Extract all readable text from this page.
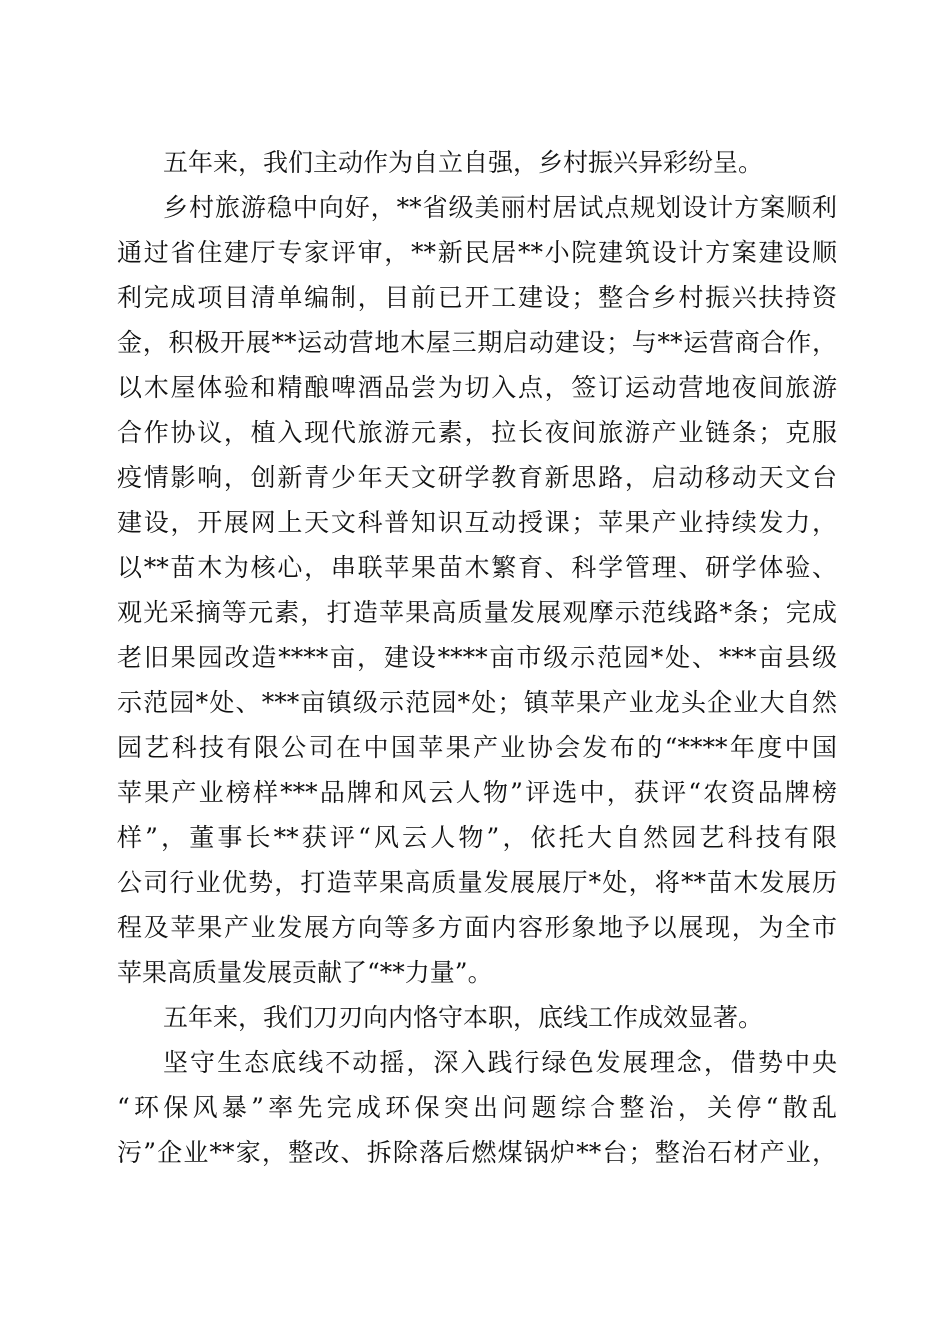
五年来，我们主动作为自立自强，乡村振兴异彩纷呈。
乡村旅游稳中向好，**省级美丽村居试点规划设计方案顺利
通过省住建厅专家评审，**新民居**小院建筑设计方案建设顺
利完成项目清单编制，目前已开工建设；整合乡村振兴扶持资
金，积极开展**运动营地木屋三期启动建设；与**运营商合作，
以木屋体验和精酿啤酒品尝为切入点，签订运动营地夜间旅游
合作协议，植入现代旅游元素，拉长夜间旅游产业链条；克服
疫情影响，创新青少年天文研学教育新思路，启动移动天文台
建设，开展网上天文科普知识互动授课；苹果产业持续发力，
以**苗木为核心，串联苹果苗木繁育、科学管理、研学体验、
观光采摘等元素，打造苹果高质量发展观摩示范线路*条；完成
老旧果园改造****亩，建设****亩市级示范园*处、***亩县级
示范园*处、***亩镇级示范园*处；镇苹果产业龙头企业大自然
园艺科技有限公司在中国苹果产业协会发布的“****年度中国
苹果产业榜样***品牌和风云人物”评选中，获评“农资品牌榜
样”，董事长**获评“风云人物”，依托大自然园艺科技有限
公司行业优势，打造苹果高质量发展展厅*处，将**苗木发展历
程及苹果产业发展方向等多方面内容形象地予以展现，为全市
苹果高质量发展贡献了“**力量”。
五年来，我们刀刃向内恪守本职，底线工作成效显著。
坚守生态底线不动摇，深入践行绿色发展理念，借势中央
“环保风暴”率先完成环保突出问题综合整治，关停“散乱
污”企业**家，整改、拆除落后燃煤锅炉**台；整治石材产业，
